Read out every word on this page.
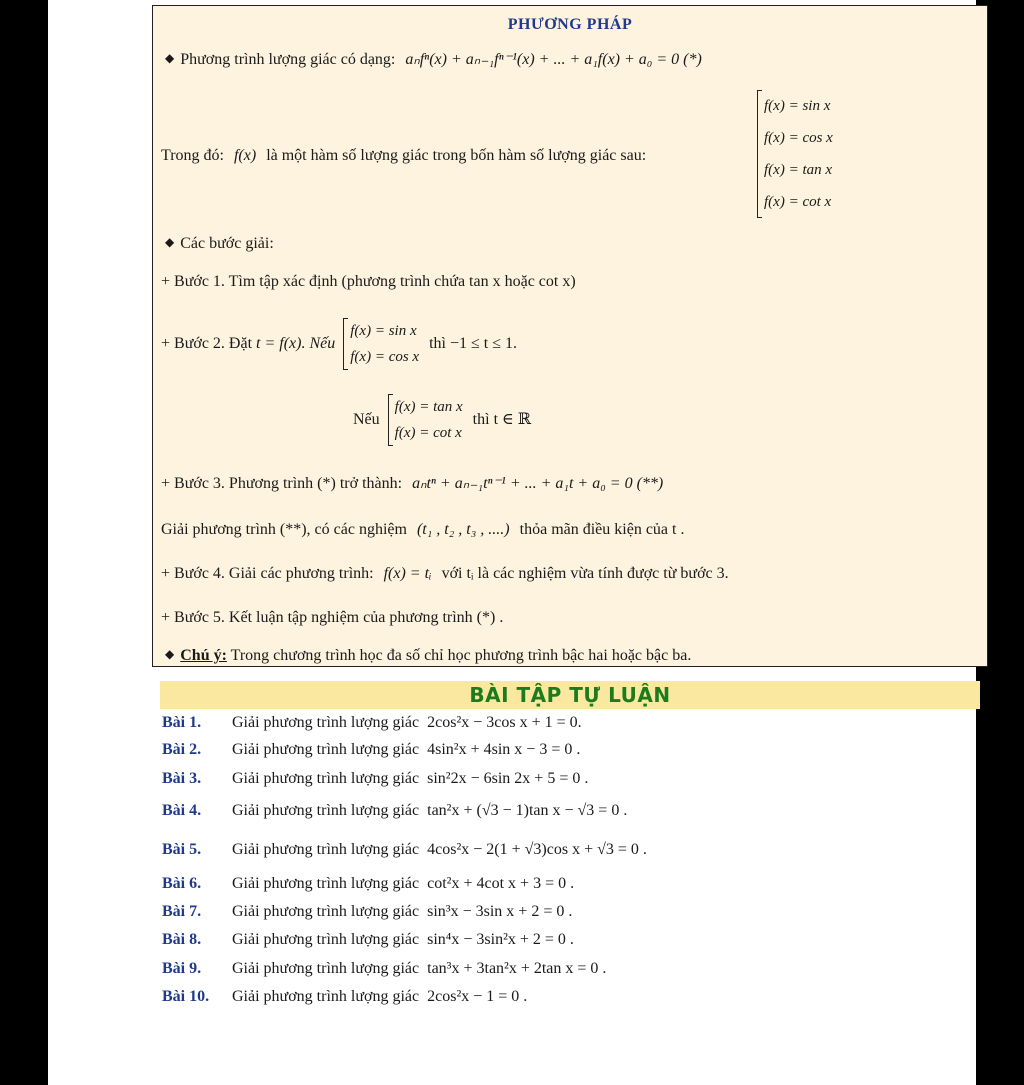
PHƯƠNG PHÁP
◆ Phương trình lượng giác có dạng: aₙfⁿ(x) + aₙ₋₁fⁿ⁻¹(x) + ... + a₁f(x) + a₀ = 0 (*)
Trong đó: f(x) là một hàm số lượng giác trong bốn hàm số lượng giác sau:
f(x) = sin x
f(x) = cos x
f(x) = tan x
f(x) = cot x
◆ Các bước giải:
+ Bước 1. Tìm tập xác định (phương trình chứa tan x hoặc cot x)
+ Bước 2. Đặt t = f(x). Nếu
f(x) = sin x
f(x) = cos x
thì −1 ≤ t ≤ 1.
Nếu
f(x) = tan x
f(x) = cot x
thì t ∈ ℝ
+ Bước 3. Phương trình (*) trở thành: aₙtⁿ + aₙ₋₁tⁿ⁻¹ + ... + a₁t + a₀ = 0 (**)
Giải phương trình (**), có các nghiệm (t₁ , t₂ , t₃ , ....) thỏa mãn điều kiện của t .
+ Bước 4. Giải các phương trình: f(x) = tᵢ với tᵢ là các nghiệm vừa tính được từ bước 3.
+ Bước 5. Kết luận tập nghiệm của phương trình (*) .
◆ Chú ý: Trong chương trình học đa số chỉ học phương trình bậc hai hoặc bậc ba.
BÀI TẬP TỰ LUẬN
Bài 1. Giải phương trình lượng giác 2cos²x − 3cos x + 1 = 0.
Bài 2. Giải phương trình lượng giác 4sin²x + 4sin x − 3 = 0 .
Bài 3. Giải phương trình lượng giác sin²2x − 6sin 2x + 5 = 0 .
Bài 4. Giải phương trình lượng giác tan²x + (√3 − 1)tan x − √3 = 0 .
Bài 5. Giải phương trình lượng giác 4cos²x − 2(1 + √3)cos x + √3 = 0 .
Bài 6. Giải phương trình lượng giác cot²x + 4cot x + 3 = 0 .
Bài 7. Giải phương trình lượng giác sin³x − 3sin x + 2 = 0 .
Bài 8. Giải phương trình lượng giác sin⁴x − 3sin²x + 2 = 0 .
Bài 9. Giải phương trình lượng giác tan³x + 3tan²x + 2tan x = 0 .
Bài 10. Giải phương trình lượng giác 2cos²x − 1 = 0 .
